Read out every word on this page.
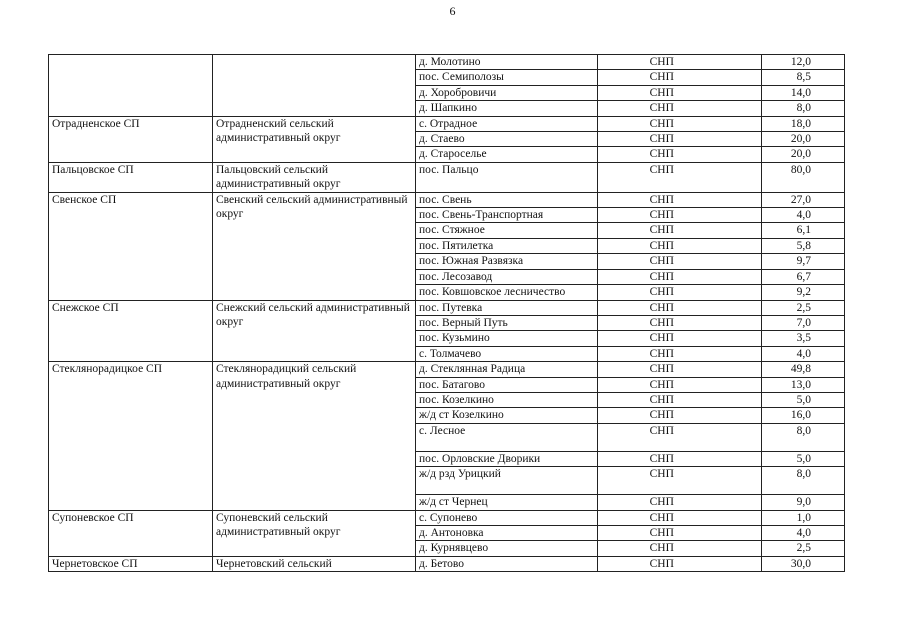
6
		д. Молотино	СНП		12,0
		пос. Семиполозы	СНП		8,5
		д. Хоробровичи	СНП		14,0
		д. Шапкино	СНП		8,0
Отрадненское СП	Отрадненский сельский административный округ	с. Отрадное	СНП		18,0
		д. Стаево	СНП		20,0
		д. Староселье	СНП		20,0
Пальцовское СП	Пальцовский сельский административный округ	пос. Пальцо	СНП		80,0
Свенское СП	Свенский сельский административный округ	пос. Свень	СНП		27,0
		пос. Свень-Транспортная	СНП		4,0
		пос. Стяжное	СНП		6,1
		пос. Пятилетка	СНП		5,8
		пос. Южная Развязка	СНП		9,7
		пос. Лесозавод	СНП		6,7
		пос. Ковшовское лесничество	СНП		9,2
Снежское СП	Снежский сельский административный округ	пос. Путевка	СНП		2,5
		пос. Верный Путь	СНП		7,0
		пос. Кузьмино	СНП		3,5
		с. Толмачево	СНП		4,0
Стеклянорадицкое СП	Стеклянорадицкий сельский административный округ	д. Стеклянная Радица	СНП		49,8
		пос. Батагово	СНП		13,0
		пос. Козелкино	СНП		5,0
		ж/д ст Козелкино	СНП		16,0
		с. Лесное	СНП		8,0
		пос. Орловские Дворики	СНП		5,0
		ж/д рзд Урицкий	СНП		8,0
		ж/д ст Чернец	СНП		9,0
Супоневское СП	Супоневский сельский административный округ	с. Супонево	СНП		1,0
		д. Антоновка	СНП		4,0
		д. Курнявцево	СНП		2,5
Чернетовское СП	Чернетовский сельский	д. Бетово	СНП		30,0
